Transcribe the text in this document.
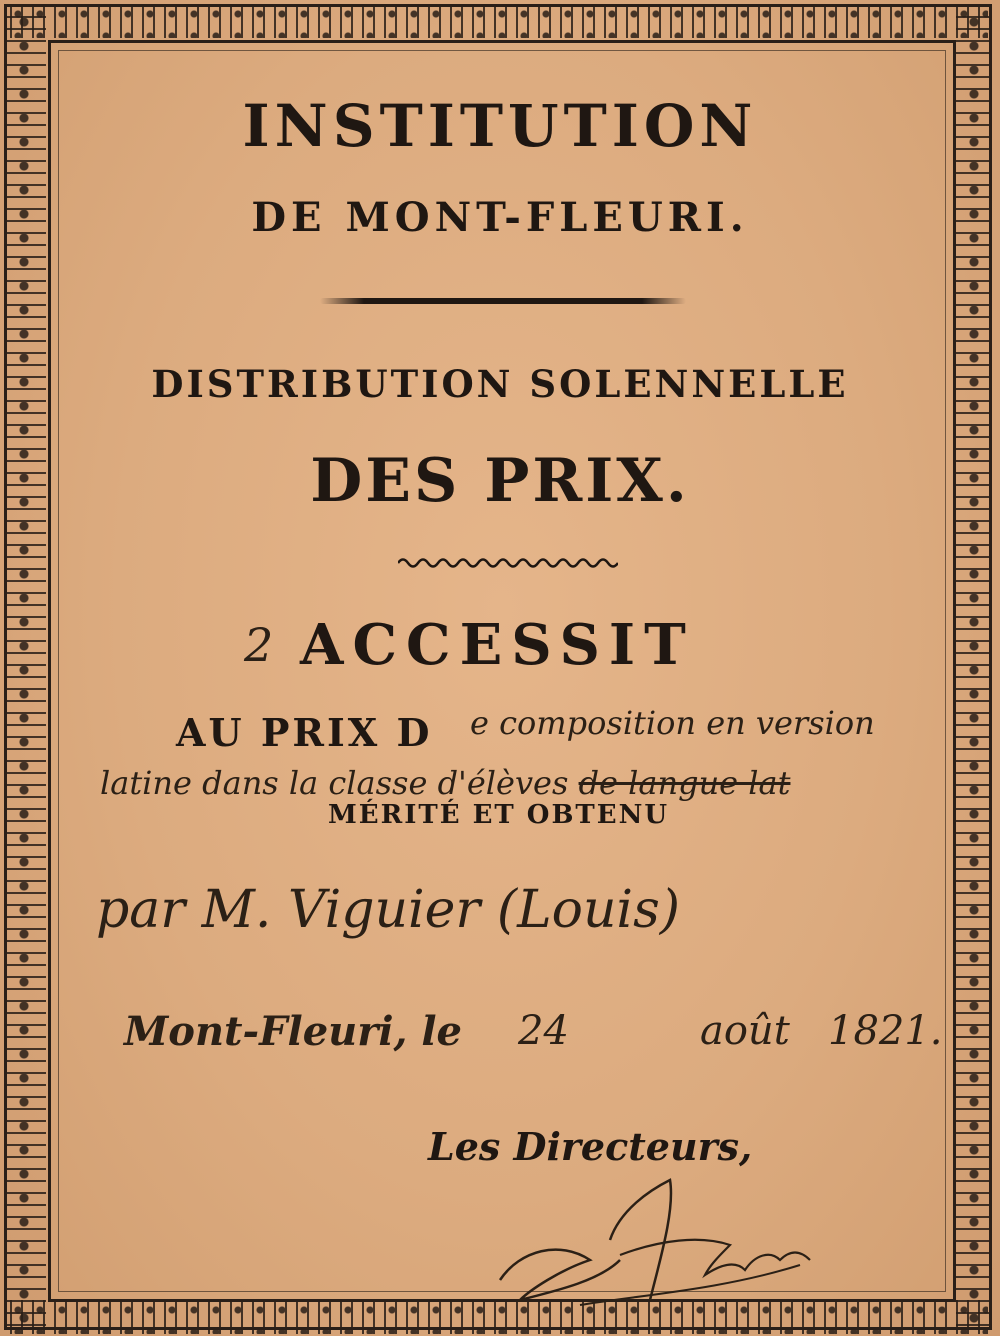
INSTITUTION
DE MONT-FLEURI.
DISTRIBUTION SOLENNELLE
DES PRIX.
2 ACCESSIT
AU PRIX D e composition en version
latine dans la classe d'élèves de langue lat
MÉRITÉ ET OBTENU
par M. Viguier (Louis)
Mont-Fleuri, le 24	août 1821.
Les Directeurs,
